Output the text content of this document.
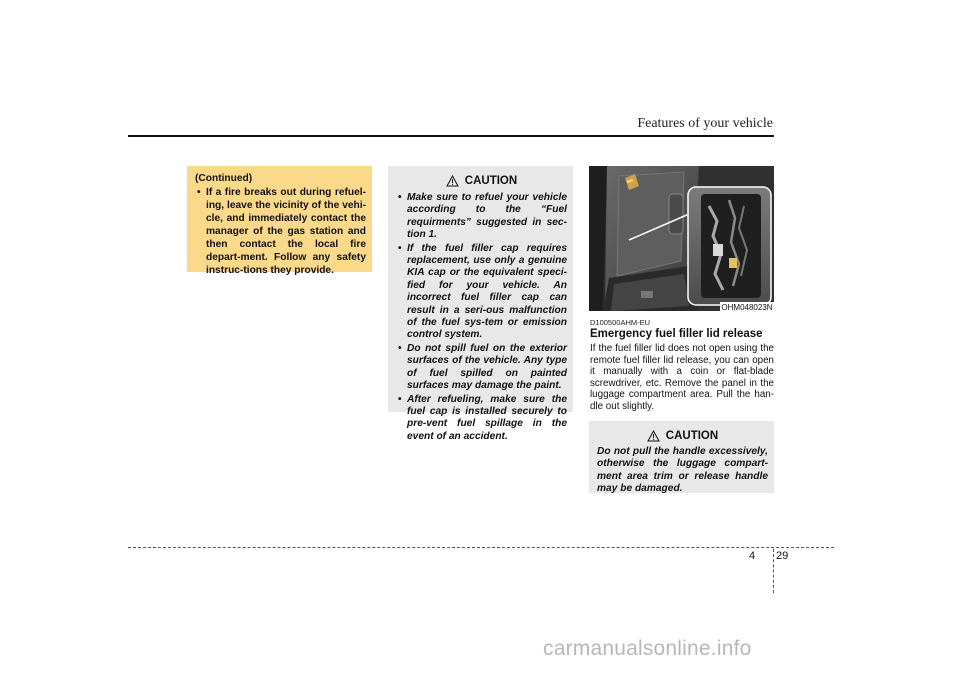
Features of your vehicle
(Continued)
• If a fire breaks out during refuel-ing, leave the vicinity of the vehi-cle, and immediately contact the manager of the gas station and then contact the local fire depart-ment. Follow any safety instruc-tions they provide.
CAUTION
• Make sure to refuel your vehicle according to the “Fuel requirments” suggested in sec-tion 1.
• If the fuel filler cap requires replacement, use only a genuine KIA cap or the equivalent speci-fied for your vehicle. An incorrect fuel filler cap can result in a seri-ous malfunction of the fuel sys-tem or emission control system.
• Do not spill fuel on the exterior surfaces of the vehicle. Any type of fuel spilled on painted surfaces may damage the paint.
• After refueling, make sure the fuel cap is installed securely to pre-vent fuel spillage in the event of an accident.
OHM048023N
D100500AHM-EU
Emergency fuel filler lid release

If the fuel filler lid does not open using the remote fuel filler lid release, you can open it manually with a coin or flat-blade screwdriver, etc. Remove the panel in the luggage compartment area. Pull the han-dle out slightly.

CAUTION
Do not pull the handle excessively, otherwise the luggage compart-ment area trim or release handle may be damaged.
4 29
carmanualsonline.info
